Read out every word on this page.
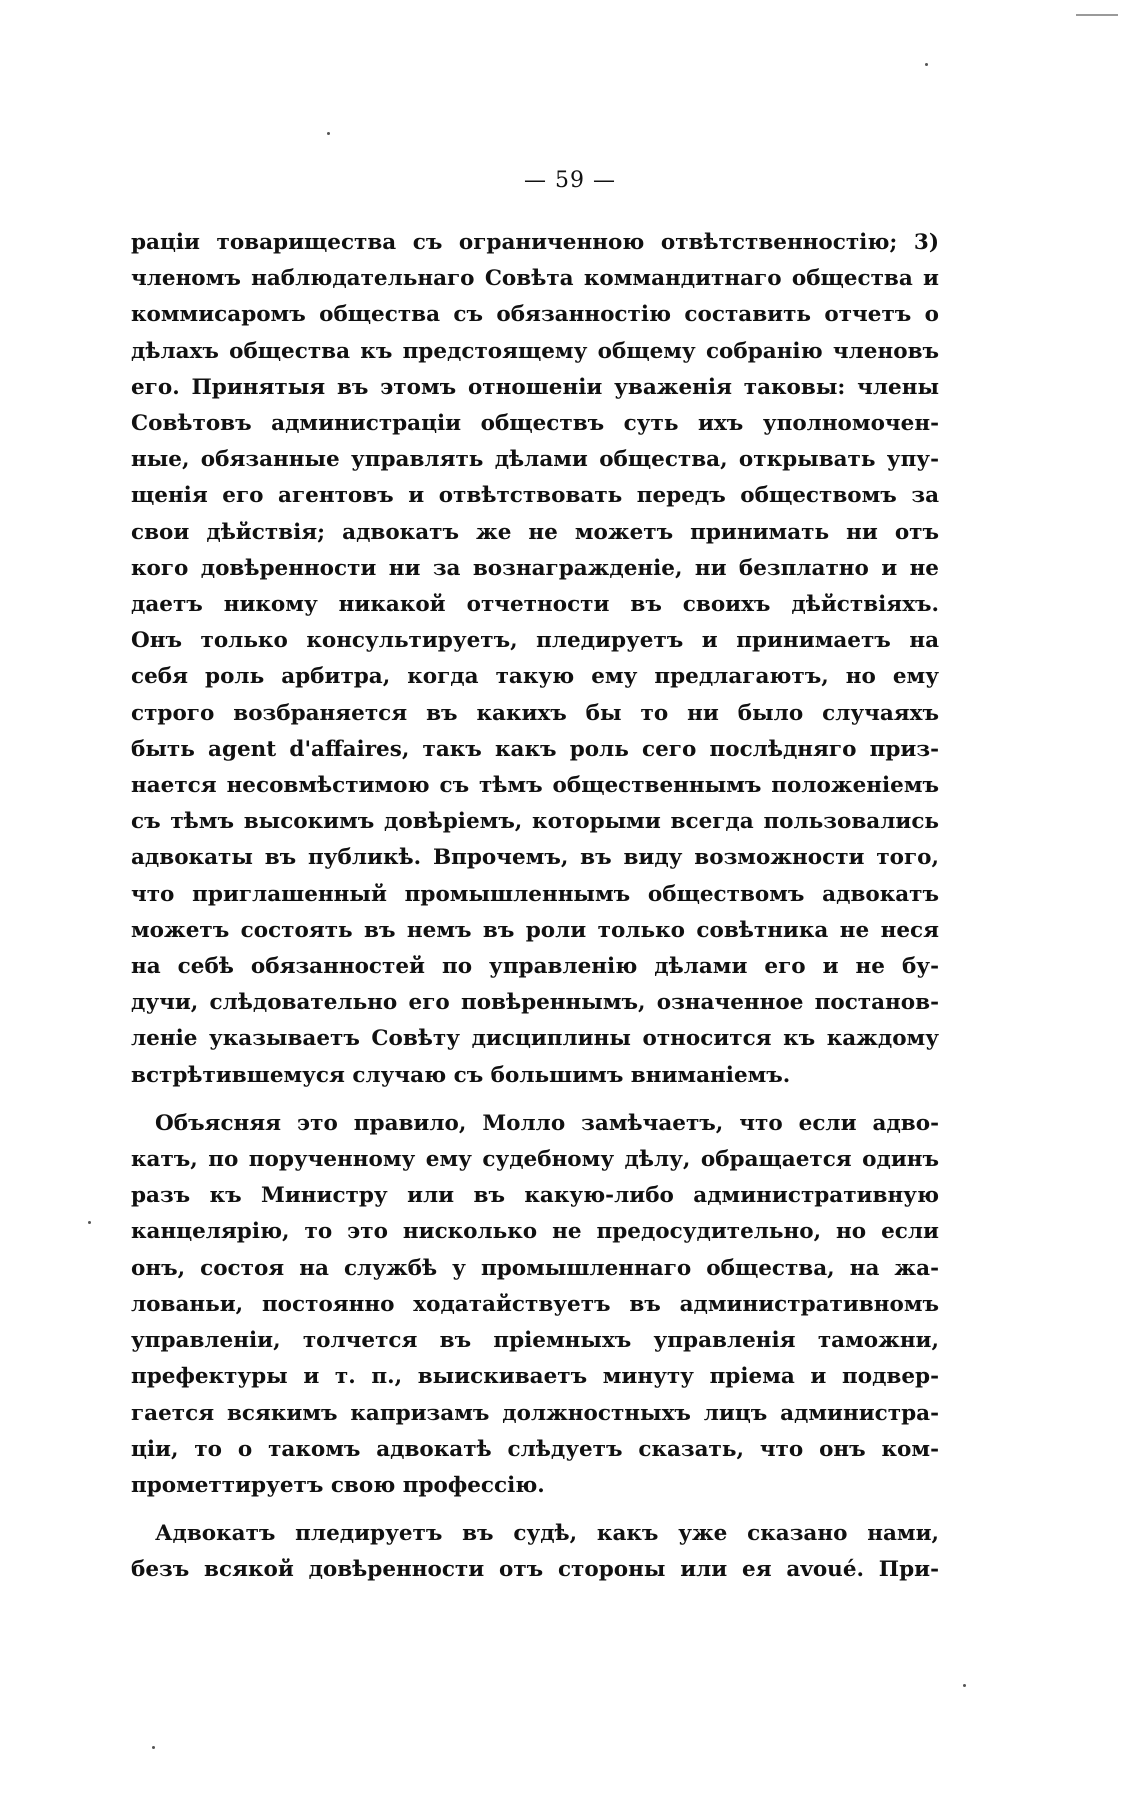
— 59 —
раціи товарищества съ ограниченною отвѣтственностію; 3)
членомъ наблюдательнаго Совѣта коммандитнаго общества и
коммисаромъ общества съ обязанностію составить отчетъ о
дѣлахъ общества къ предстоящему общему собранію членовъ
его. Принятыя въ этомъ отношеніи уваженія таковы: члены
Совѣтовъ администраціи обществъ суть ихъ уполномочен-
ные, обязанные управлять дѣлами общества, открывать упу-
щенія его агентовъ и отвѣтствовать передъ обществомъ за
свои дѣйствія; адвокатъ же не можетъ принимать ни отъ
кого довѣренности ни за вознагражденіе, ни безплатно и не
даетъ никому никакой отчетности въ своихъ дѣйствіяхъ.
Онъ только консультируетъ, пледируетъ и принимаетъ на
себя роль арбитра, когда такую ему предлагаютъ, но ему
строго возбраняется въ какихъ бы то ни было случаяхъ
быть agent d'affaires, такъ какъ роль сего послѣдняго приз-
нается несовмѣстимою съ тѣмъ общественнымъ положеніемъ
съ тѣмъ высокимъ довѣріемъ, которыми всегда пользовались
адвокаты въ публикѣ. Впрочемъ, въ виду возможности того,
что приглашенный промышленнымъ обществомъ адвокатъ
можетъ состоять въ немъ въ роли только совѣтника не неся
на себѣ обязанностей по управленію дѣлами его и не бу-
дучи, слѣдовательно его повѣреннымъ, означенное постанов-
леніе указываетъ Совѣту дисциплины относится къ каждому
встрѣтившемуся случаю съ большимъ вниманіемъ.
Объясняя это правило, Молло замѣчаетъ, что если адво-
катъ, по порученному ему судебному дѣлу, обращается одинъ
разъ къ Министру или въ какую-либо административную
канцелярію, то это нисколько не предосудительно, но если
онъ, состоя на службѣ у промышленнаго общества, на жа-
лованьи, постоянно ходатайствуетъ въ административномъ
управленіи, толчется въ пріемныхъ управленія таможни,
префектуры и т. п., выискиваетъ минуту пріема и подвер-
гается всякимъ капризамъ должностныхъ лицъ администра-
ціи, то о такомъ адвокатѣ слѣдуетъ сказать, что онъ ком-
прометтируетъ свою профессію.
Адвокатъ пледируетъ въ судѣ, какъ уже сказано нами,
безъ всякой довѣренности отъ стороны или ея avoué. При-
